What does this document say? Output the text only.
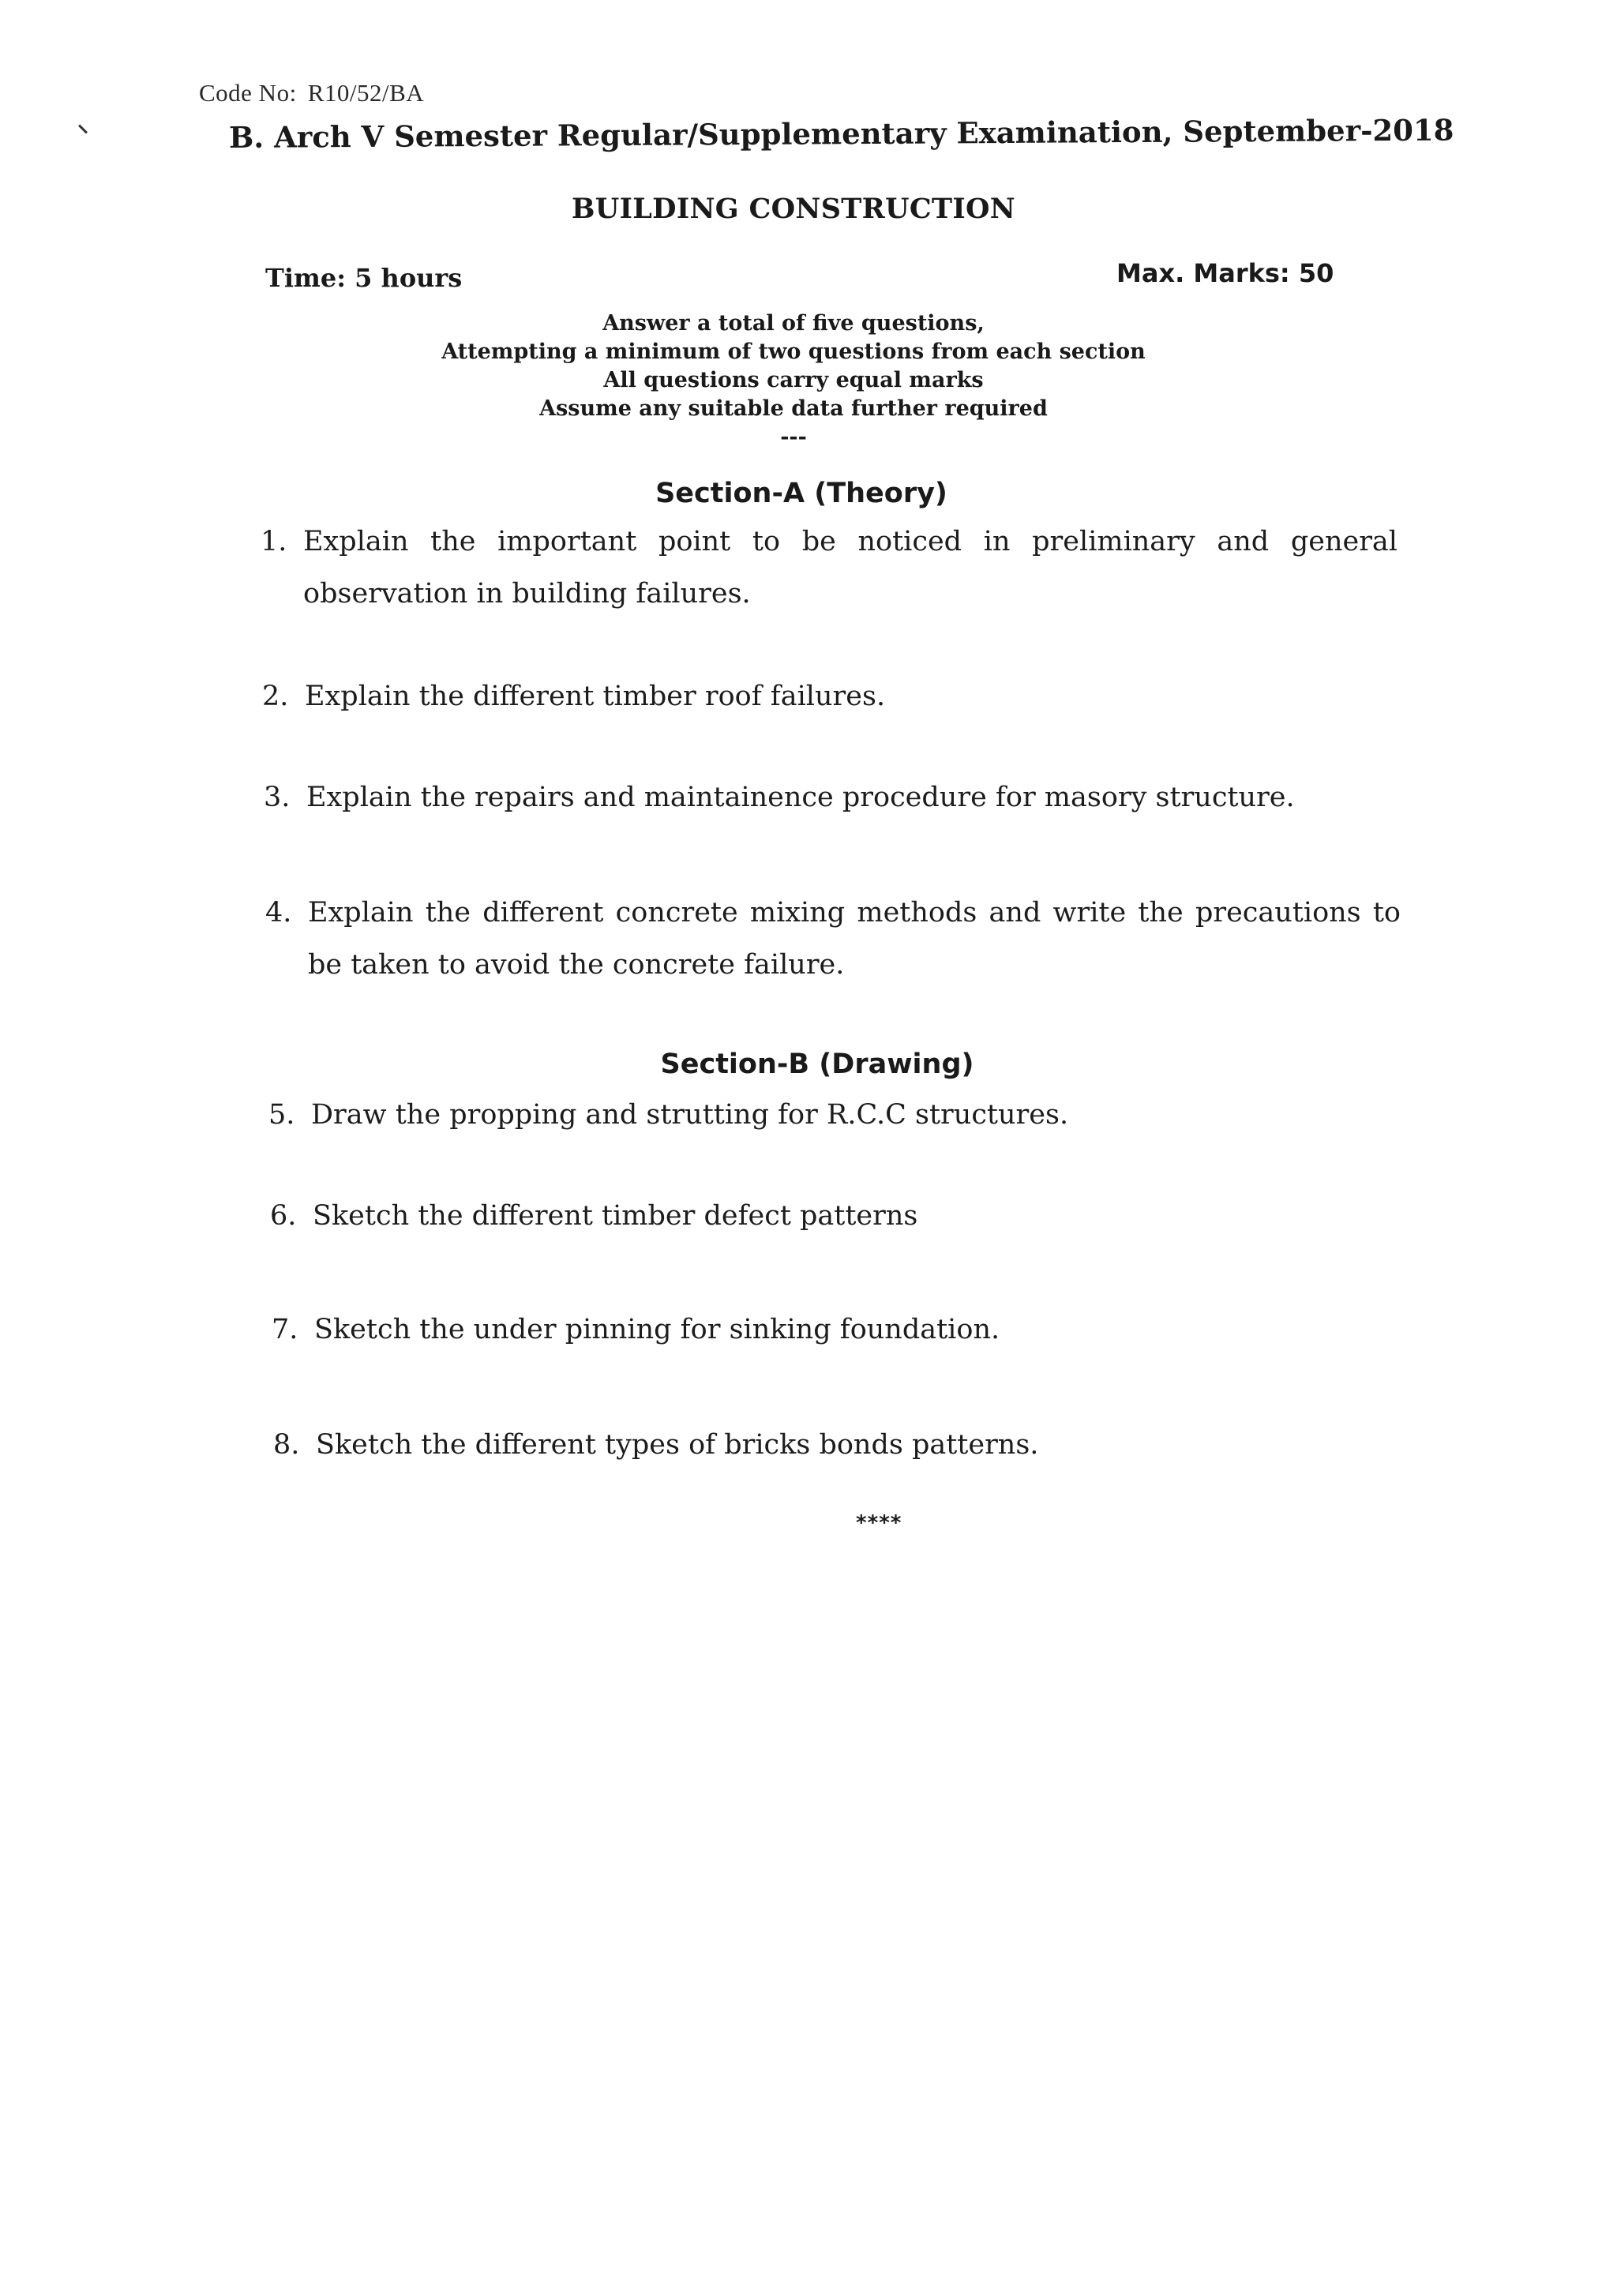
Code No: R10/52/BA
B. Arch V Semester Regular/Supplementary Examination, September-2018
BUILDING CONSTRUCTION
Time: 5 hours	Max. Marks: 50
Answer a total of five questions,
Attempting a minimum of two questions from each section
All questions carry equal marks
Assume any suitable data further required
---
Section-A (Theory)
1. Explain the important point to be noticed in preliminary and general
observation in building failures.
2. Explain the different timber roof failures.
3. Explain the repairs and maintainence procedure for masory structure.
4. Explain the different concrete mixing methods and write the precautions to
be taken to avoid the concrete failure.
Section-B (Drawing)
5. Draw the propping and strutting for R.C.C structures.
6. Sketch the different timber defect patterns
7. Sketch the under pinning for sinking foundation.
8. Sketch the different types of bricks bonds patterns.
****
